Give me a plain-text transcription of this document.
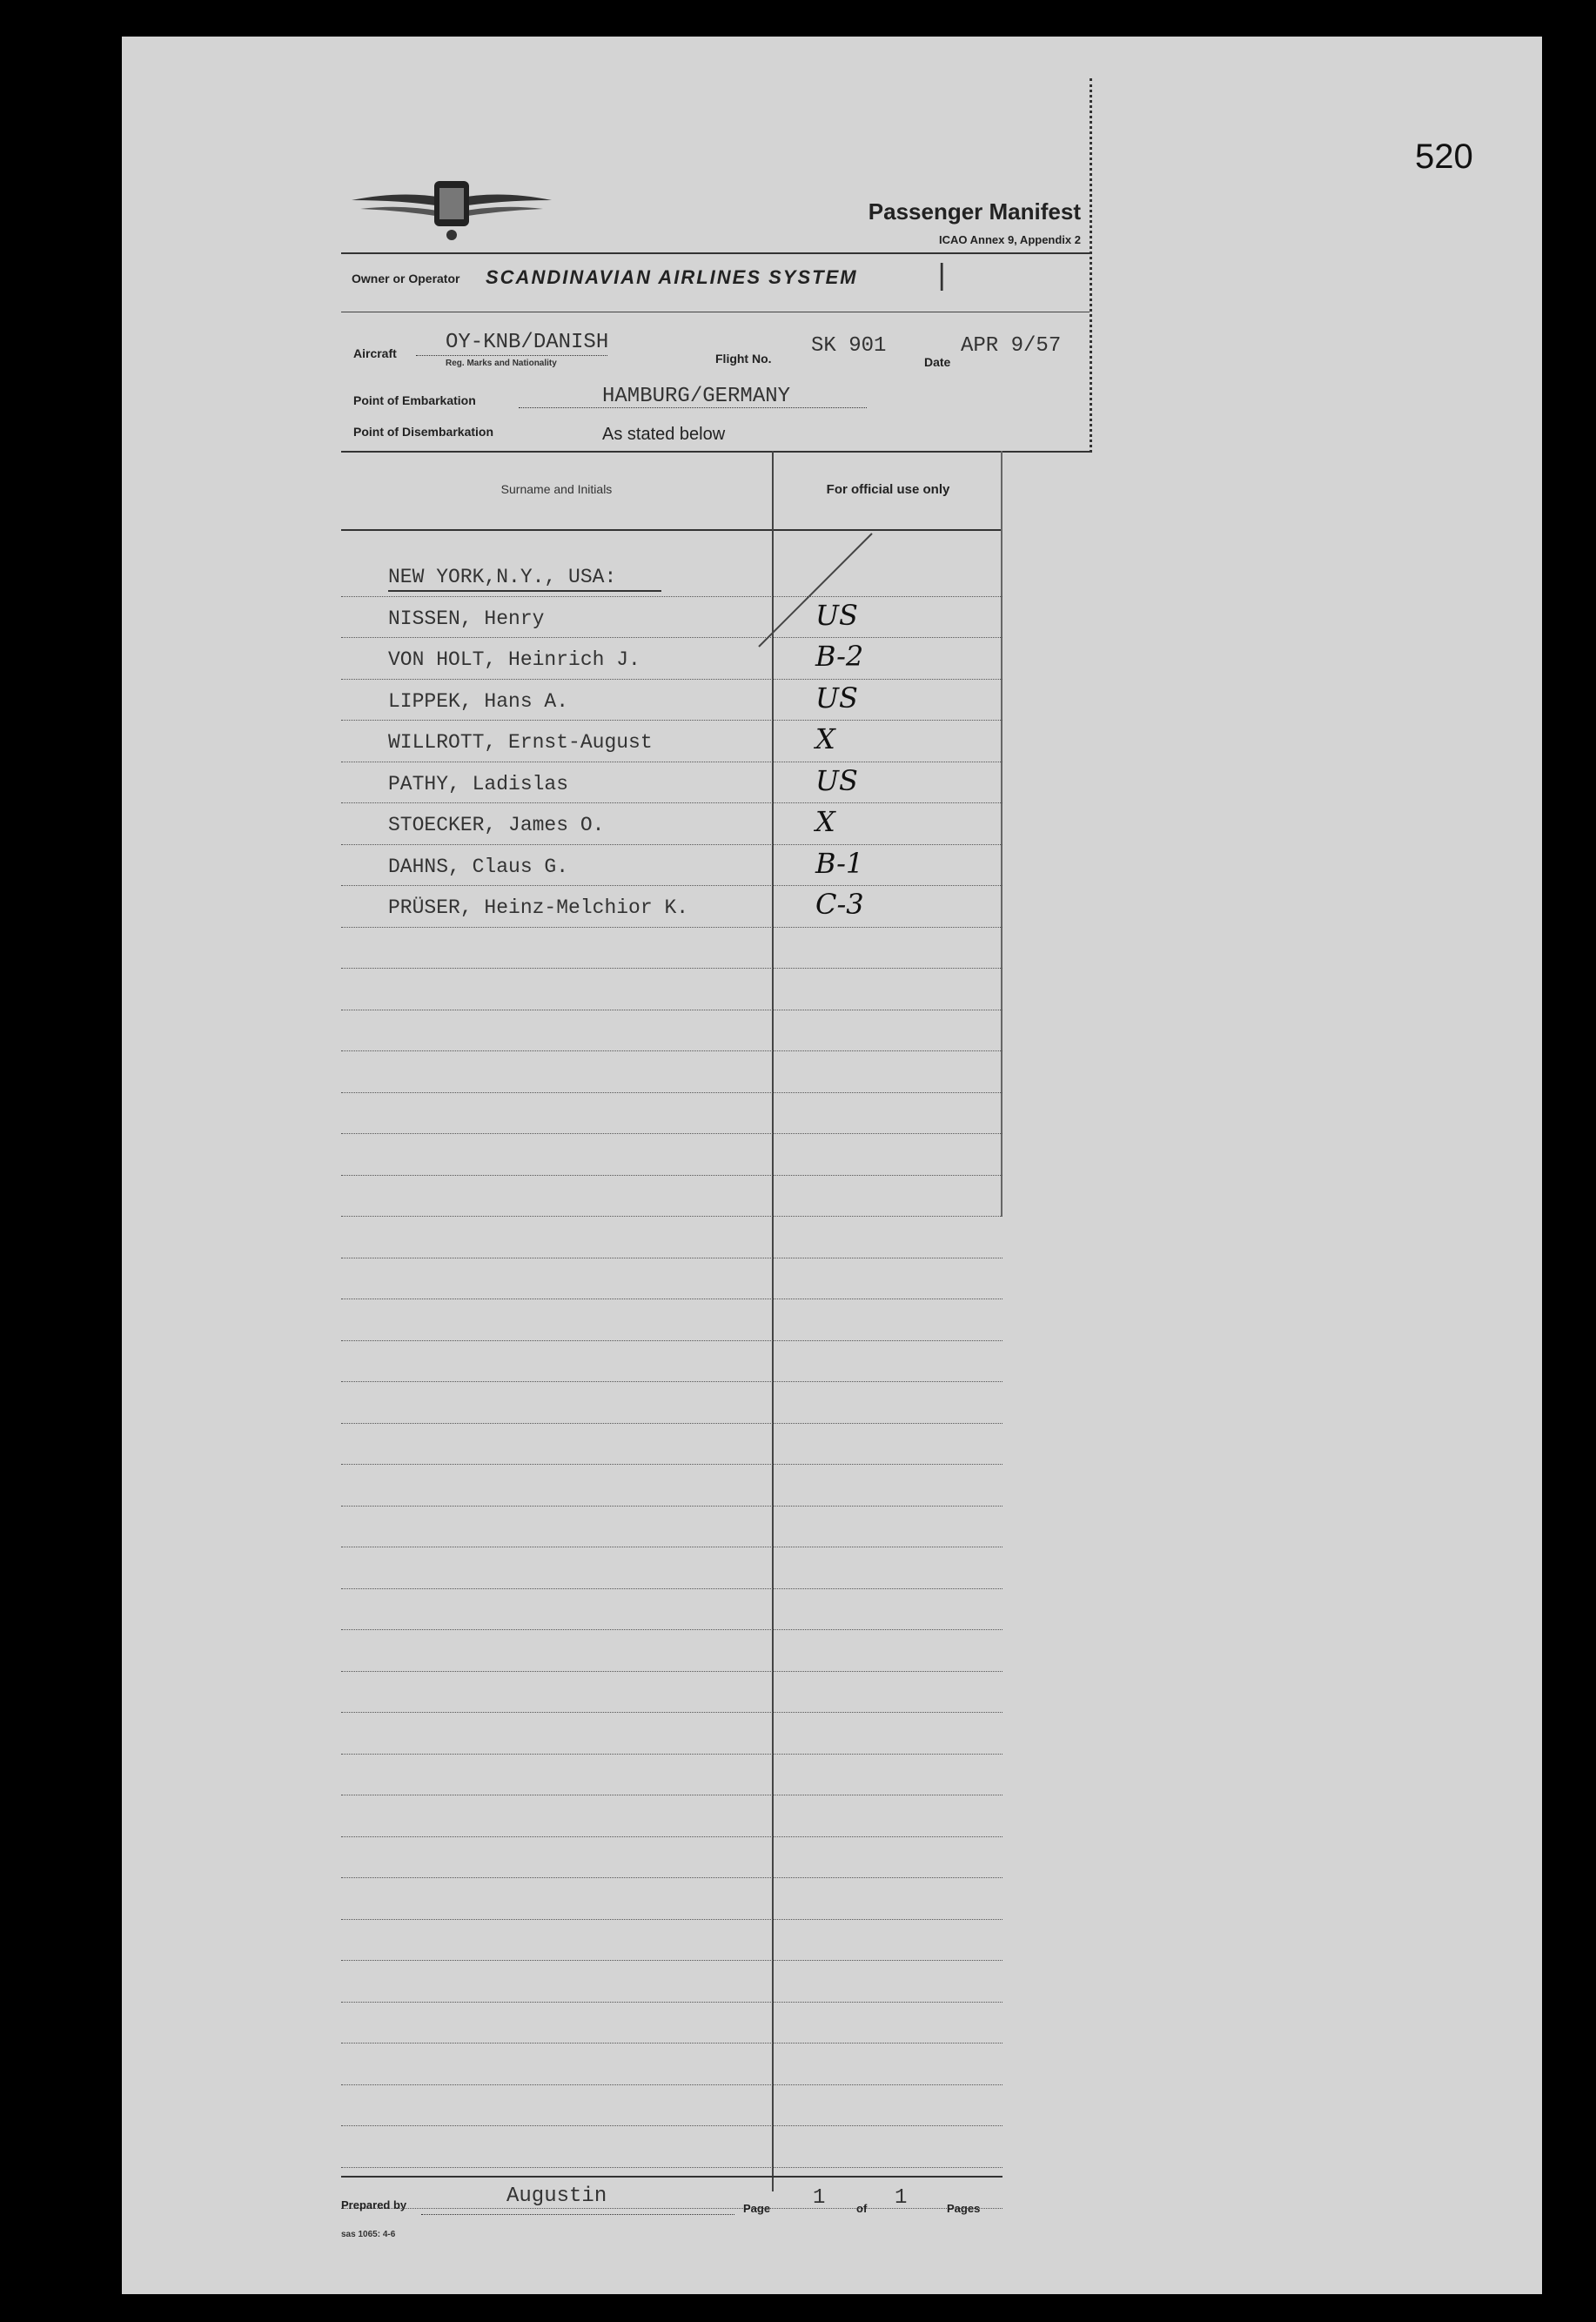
520
Passenger Manifest
ICAO Annex 9, Appendix 2
Owner or Operator SCANDINAVIAN AIRLINES SYSTEM	|
Aircraft OY-KNB/DANISH
Reg. Marks and Nationality	Flight No.
SK 901
Date
APR 9/57
Point of Embarkation	HAMBURG/GERMANY
Point of Disembarkation	As stated below
Surname and Initials	For official use only
NEW YORK,N.Y., USA:
NISSEN, Henry	US
VON HOLT, Heinrich J.	B-2
LIPPEK, Hans A.	US
WILLROTT, Ernst-August	X
PATHY, Ladislas	US
STOECKER, James O.	X
DAHNS, Claus G.	B-1
PRÜSER, Heinz-Melchior K.	C-3
Prepared by	Augustin
Page 1	of 1	Pages
sas 1065: 4-6
